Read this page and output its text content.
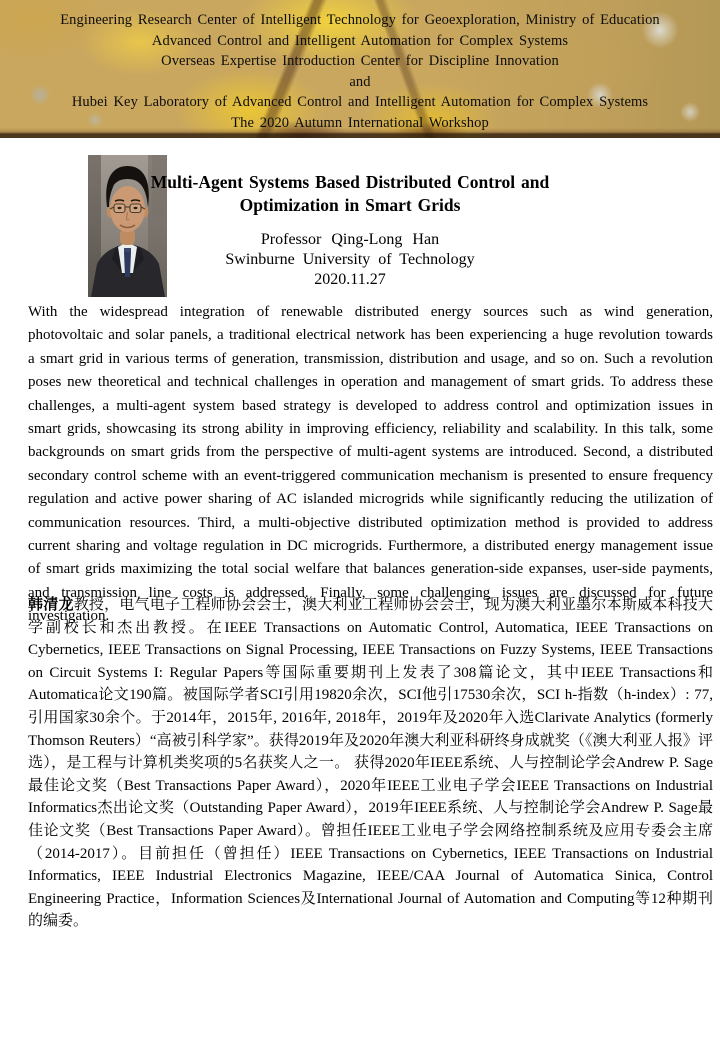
Engineering Research Center of Intelligent Technology for Geoexploration, Ministry of Education
Advanced Control and Intelligent Automation for Complex Systems
Overseas Expertise Introduction Center for Discipline Innovation
and
Hubei Key Laboratory of Advanced Control and Intelligent Automation for Complex Systems
The 2020 Autumn International Workshop
Multi-Agent Systems Based Distributed Control and
Optimization in Smart Grids
Professor Qing-Long Han
Swinburne University of Technology
2020.11.27
With the widespread integration of renewable distributed energy sources such as wind generation, photovoltaic and solar panels, a traditional electrical network has been experiencing a huge revolution towards a smart grid in various terms of generation, transmission, distribution and usage, and so on. Such a revolution poses new theoretical and technical challenges in operation and management of smart grids. To address these challenges, a multi-agent system based strategy is developed to address control and optimization issues in smart grids, showcasing its strong ability in improving efficiency, reliability and scalability. In this talk, some backgrounds on smart grids from the perspective of multi-agent systems are introduced. Second, a distributed secondary control scheme with an event-triggered communication mechanism is presented to ensure frequency regulation and active power sharing of AC islanded microgrids while significantly reducing the utilization of communication resources. Third, a multi-objective distributed optimization method is provided to address current sharing and voltage regulation in DC microgrids. Furthermore, a distributed energy management issue of smart grids maximizing the total social welfare that balances generation-side expanses, user-side payments, and transmission line costs is addressed. Finally, some challenging issues are discussed for future investigation.
韩清龙教授，电气电子工程师协会会士，澳大利亚工程师协会会士，现为澳大利亚墨尔本斯威本科技大学副校长和杰出教授。在IEEE Transactions on Automatic Control, Automatica, IEEE Transactions on Cybernetics, IEEE Transactions on Signal Processing, IEEE Transactions on Fuzzy Systems, IEEE Transactions on Circuit Systems I: Regular Papers等国际重要期刊上发表了308篇论文，其中IEEE Transactions和Automatica论文190篇。被国际学者SCI引用19820余次，SCI他引17530余次，SCI h-指数（h-index）: 77, 引用国家30余个。于2014年，2015年, 2016年, 2018年，2019年及2020年入选Clarivate Analytics (formerly Thomson Reuters）“高被引科学家”。获得2019年及2020年澳大利亚科研终身成就奖（《澳大利亚人报》评选），是工程与计算机类奖项的5名获奖人之一。 获得2020年IEEE系统、人与控制论学会Andrew P. Sage最佳论文奖（Best Transactions Paper Award），2020年IEEE工业电子学会IEEE Transactions on Industrial Informatics杰出论文奖（Outstanding Paper Award），2019年IEEE系统、人与控制论学会Andrew P. Sage最佳论文奖（Best Transactions Paper Award）。曾担任IEEE工业电子学会网络控制系统及应用专委会主席（2014-2017）。目前担任（曾担任）IEEE Transactions on Cybernetics, IEEE Transactions on Industrial Informatics, IEEE Industrial Electronics Magazine, IEEE/CAA Journal of Automatica Sinica, Control Engineering Practice，Information Sciences及International Journal of Automation and Computing等12种期刊的编委。
